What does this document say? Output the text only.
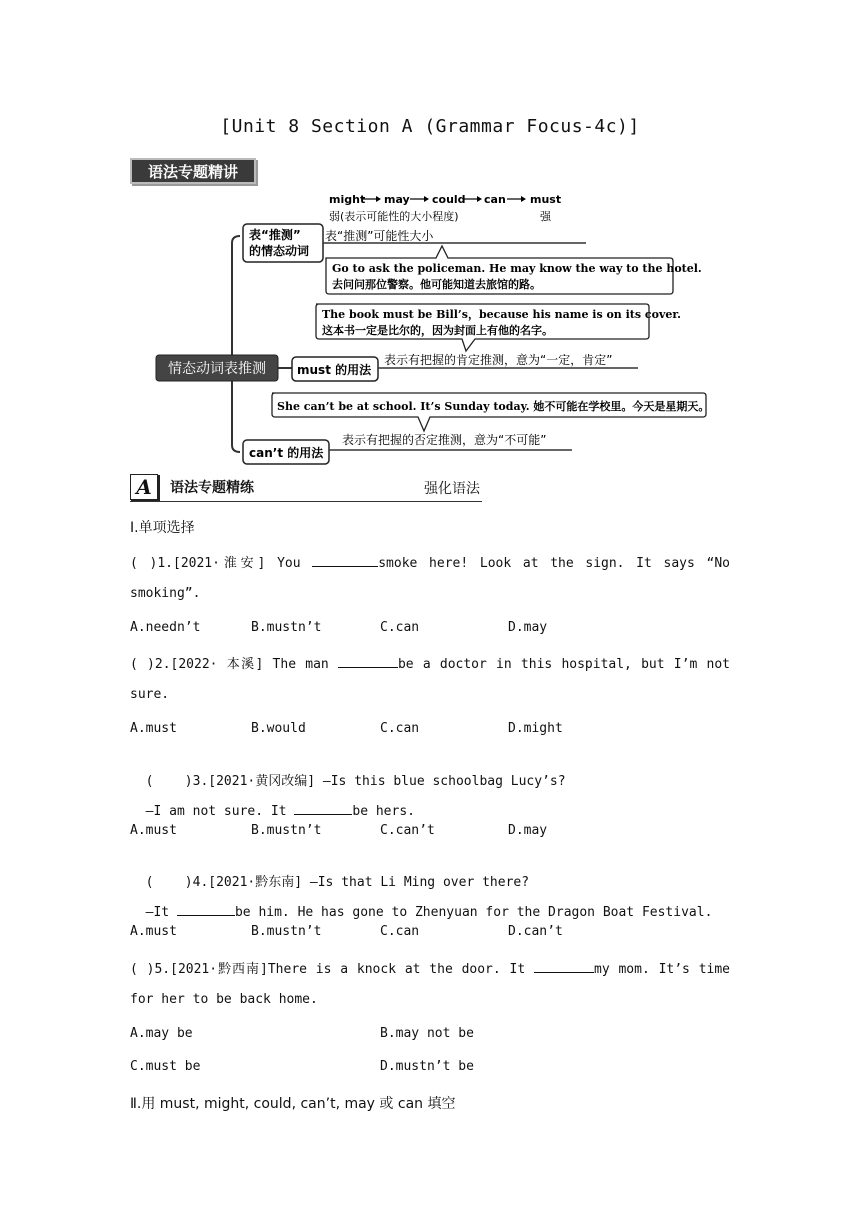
[Unit 8 Section A (Grammar Focus-4c)]
语法专题精讲
might may could can must
弱(表示可能性的大小程度)	强
情态动词表推测
表“推测”
的情态动词
表“推测”可能性大小
Go to ask the policeman. He may know the way to the hotel.
去问问那位警察。他可能知道去旅馆的路。
The book must be Bill’s，because his name is on its cover.
这本书一定是比尔的，因为封面上有他的名字。
must 的用法
表示有把握的肯定推测，意为“一定，肯定”
She can’t be at school. It’s Sunday today. 她不可能在学校里。今天是星期天。
can’t 的用法
表示有把握的否定推测，意为“不可能”
A	语法专题精练	强化语法
Ⅰ.单项选择
( )1.[2021·淮安] You	smoke here! Look at the sign. It says “No
smoking”.
A.needn’t	B.mustn’t	C.can	D.may
( )2.[2022· 本溪] The man	be a doctor in this hospital, but I’m not
sure.
A.must	B.would	C.can	D.might

(    )3.[2021·黄冈改编] —Is this blue schoolbag Lucy’s?

—I am not sure. It	be hers.

A.must	B.mustn’t	C.can’t	D.may

(    )4.[2021·黔东南] —Is that Li Ming over there?

—It	be him. He has gone to Zhenyuan for the Dragon Boat Festival.

A.must	B.mustn’t	C.can	D.can’t
( )5.[2021·黔西南]There is a knock at the door. It	my mom. It’s time
for her to be back home.
A.may be	B.may not be
C.must be	D.mustn’t be
Ⅱ.用 must, might, could, can’t, may 或 can 填空
